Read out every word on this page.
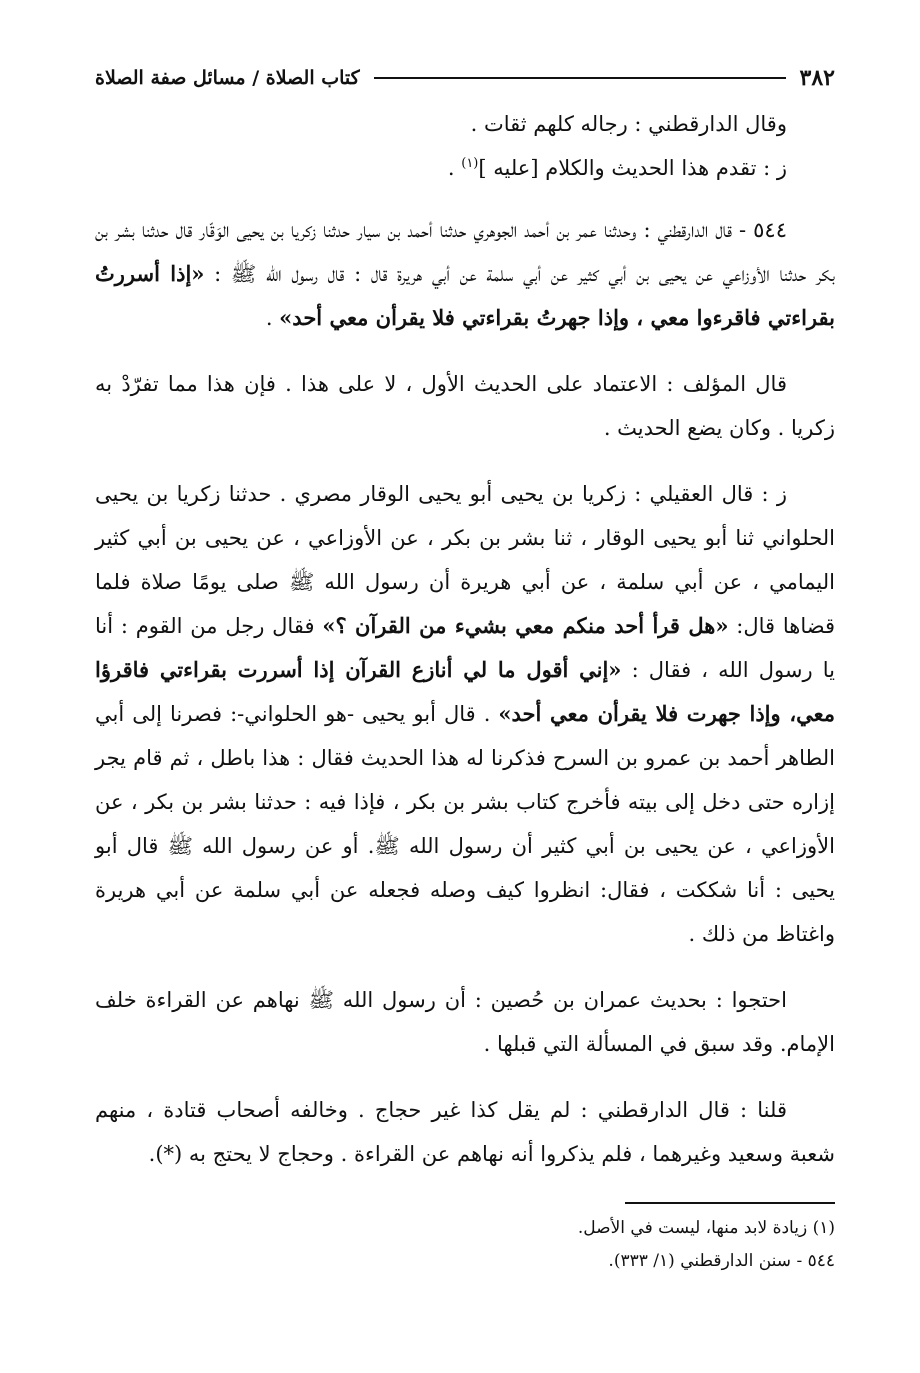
٣٨٢
كتاب الصلاة / مسائل صفة الصلاة

وقال الدارقطني : رجاله كلهم ثقات .

ز : تقدم هذا الحديث والكلام [عليه ]$^{(١)}$ .

٥٤٤ - قال الدارقطني : وحدثنا عمر بن أحمد الجوهري حدثنا أحمد بن سيار حدثنا زكريا بن يحيى الوَقّار قال حدثنا بشر بن بكر حدثنا الأوزاعي عن يحيى بن أبي كثير عن أبي سلمة عن أبي هريرة قال : قال رسول الله ﷺ : «إذا أسررتُ بقراءتي فاقرءوا معي ، وإذا جهرتُ بقراءتي فلا يقرأن معي أحد» .

قال المؤلف : الاعتماد على الحديث الأول ، لا على هذا . فإن هذا مما تفرّدْ به زكريا . وكان يضع الحديث .

ز : قال العقيلي : زكريا بن يحيى أبو يحيى الوقار مصري . حدثنا زكريا بن يحيى الحلواني ثنا أبو يحيى الوقار ، ثنا بشر بن بكر ، عن الأوزاعي ، عن يحيى بن أبي كثير اليمامي ، عن أبي سلمة ، عن أبي هريرة أن رسول الله ﷺ صلى يومًا صلاة فلما قضاها قال: «هل قرأ أحد منكم معي بشيء من القرآن ؟» فقال رجل من القوم : أنا يا رسول الله ، فقال : «إني أقول ما لي أنازع القرآن إذا أسررت بقراءتي فاقرؤا معي، وإذا جهرت فلا يقرأن معي أحد» . قال أبو يحيى -هو الحلواني-: فصرنا إلى أبي الطاهر أحمد بن عمرو بن السرح فذكرنا له هذا الحديث فقال : هذا باطل ، ثم قام يجر إزاره حتى دخل إلى بيته فأخرج كتاب بشر بن بكر ، فإذا فيه : حدثنا بشر بن بكر ، عن الأوزاعي ، عن يحيى بن أبي كثير أن رسول الله ﷺ. أو عن رسول الله ﷺ قال أبو يحيى : أنا شككت ، فقال: انظروا كيف وصله فجعله عن أبي سلمة عن أبي هريرة واغتاظ من ذلك .

احتجوا : بحديث عمران بن حُصين : أن رسول الله ﷺ نهاهم عن القراءة خلف الإمام. وقد سبق في المسألة التي قبلها .

قلنا : قال الدارقطني : لم يقل كذا غير حجاج . وخالفه أصحاب قتادة ، منهم شعبة وسعيد وغيرهما ، فلم يذكروا أنه نهاهم عن القراءة . وحجاج لا يحتج به (*).

(١) زيادة لابد منها، ليست في الأصل.

٥٤٤ - سنن الدارقطني (١/ ٣٣٣).
